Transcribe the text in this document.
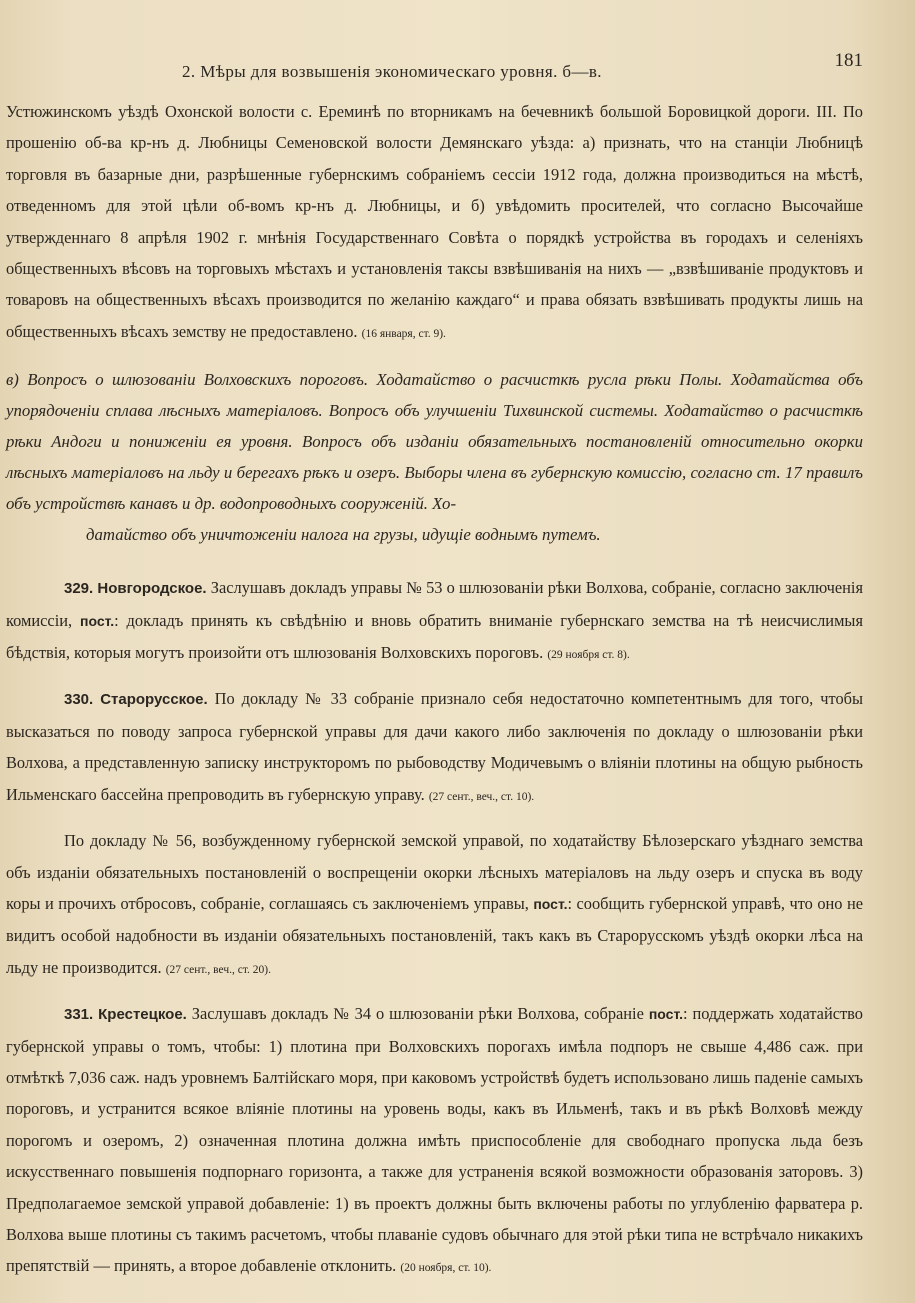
2. Мѣры для возвышенія экономическаго уровня. б—в.
181

Устюжинскомъ уѣздѣ Охонской волости с. Ереминѣ по вторникамъ на бечевникѣ большой Боровицкой дороги. III. По прошенію об-ва кр-нъ д. Любницы Семеновской волости Демянскаго уѣзда: а) признать, что на станціи Любницѣ торговля въ базарные дни, разрѣшенные губернскимъ собраніемъ сессіи 1912 года, должна производиться на мѣстѣ, отведенномъ для этой цѣли об-вомъ кр-нъ д. Любницы, и б) увѣдомить просителей, что согласно Высочайше утвержденнаго 8 апрѣля 1902 г. мнѣнія Государственнаго Совѣта о порядкѣ устройства въ городахъ и селеніяхъ общественныхъ вѣсовъ на торговыхъ мѣстахъ и установленія таксы взвѣшиванія на нихъ — „взвѣшиваніе продуктовъ и товаровъ на общественныхъ вѣсахъ производится по желанію каждаго“ и права обязать взвѣшивать продукты лишь на общественныхъ вѣсахъ земству не предоставлено. (16 января, ст. 9).

в) Вопросъ о шлюзованіи Волховскихъ пороговъ. Ходатайство о расчисткѣ русла рѣки Полы. Ходатайства объ упорядоченіи сплава лѣсныхъ матеріаловъ. Вопросъ объ улучшеніи Тихвинской системы. Ходатайство о расчисткѣ рѣки Андоги и пониженіи ея уровня. Вопросъ объ изданіи обязательныхъ постановленій относительно окорки лѣсныхъ матеріаловъ на льду и берегахъ рѣкъ и озеръ. Выборы члена въ губернскую комиссію, согласно ст. 17 правилъ объ устройствѣ канавъ и др. водопроводныхъ сооруженій. Хо-

датайство объ уничтоженіи налога на грузы, идущіе воднымъ путемъ.

329. Новгородское. Заслушавъ докладъ управы № 53 о шлюзованіи рѣки Волхова, собраніе, согласно заключенія комиссіи, пост.: докладъ принять къ свѣдѣнію и вновь обратить вниманіе губернскаго земства на тѣ неисчислимыя бѣдствія, которыя могутъ произойти отъ шлюзованія Волховскихъ пороговъ. (29 ноября ст. 8).

330. Старорусское. По докладу № 33 собраніе признало себя недостаточно компетентнымъ для того, чтобы высказаться по поводу запроса губернской управы для дачи какого либо заключенія по докладу о шлюзованіи рѣки Волхова, а представленную записку инструкторомъ по рыбоводству Модичевымъ о вліяніи плотины на общую рыбность Ильменскаго бассейна препроводить въ губернскую управу. (27 сент., веч., ст. 10).

По докладу № 56, возбужденному губернской земской управой, по ходатайству Бѣлозерскаго уѣзднаго земства объ изданіи обязательныхъ постановленій о воспрещеніи окорки лѣсныхъ матеріаловъ на льду озеръ и спуска въ воду коры и прочихъ отбросовъ, собраніе, соглашаясь съ заключеніемъ управы, пост.: сообщить губернской управѣ, что оно не видитъ особой надобности въ изданіи обязательныхъ постановленій, такъ какъ въ Старорусскомъ уѣздѣ окорки лѣса на льду не производится. (27 сент., веч., ст. 20).

331. Крестецкое. Заслушавъ докладъ № 34 о шлюзованіи рѣки Волхова, собраніе пост.: поддержать ходатайство губернской управы о томъ, чтобы: 1) плотина при Волховскихъ порогахъ имѣла подпоръ не свыше 4,486 саж. при отмѣткѣ 7,036 саж. надъ уровнемъ Балтійскаго моря, при каковомъ устройствѣ будетъ использовано лишь паденіе самыхъ пороговъ, и устранится всякое вліяніе плотины на уровень воды, какъ въ Ильменѣ, такъ и въ рѣкѣ Волховѣ между порогомъ и озеромъ, 2) означенная плотина должна имѣть приспособленіе для свободнаго пропуска льда безъ искусственнаго повышенія подпорнаго горизонта, а также для устраненія всякой возможности образованія заторовъ. 3) Предполагаемое земской управой добавленіе: 1) въ проектъ должны быть включены работы по углубленію фарватера р. Волхова выше плотины съ такимъ расчетомъ, чтобы плаваніе судовъ обычнаго для этой рѣки типа не встрѣчало никакихъ препятствій — принять, а второе добавленіе отклонить. (20 ноября, ст. 10).
